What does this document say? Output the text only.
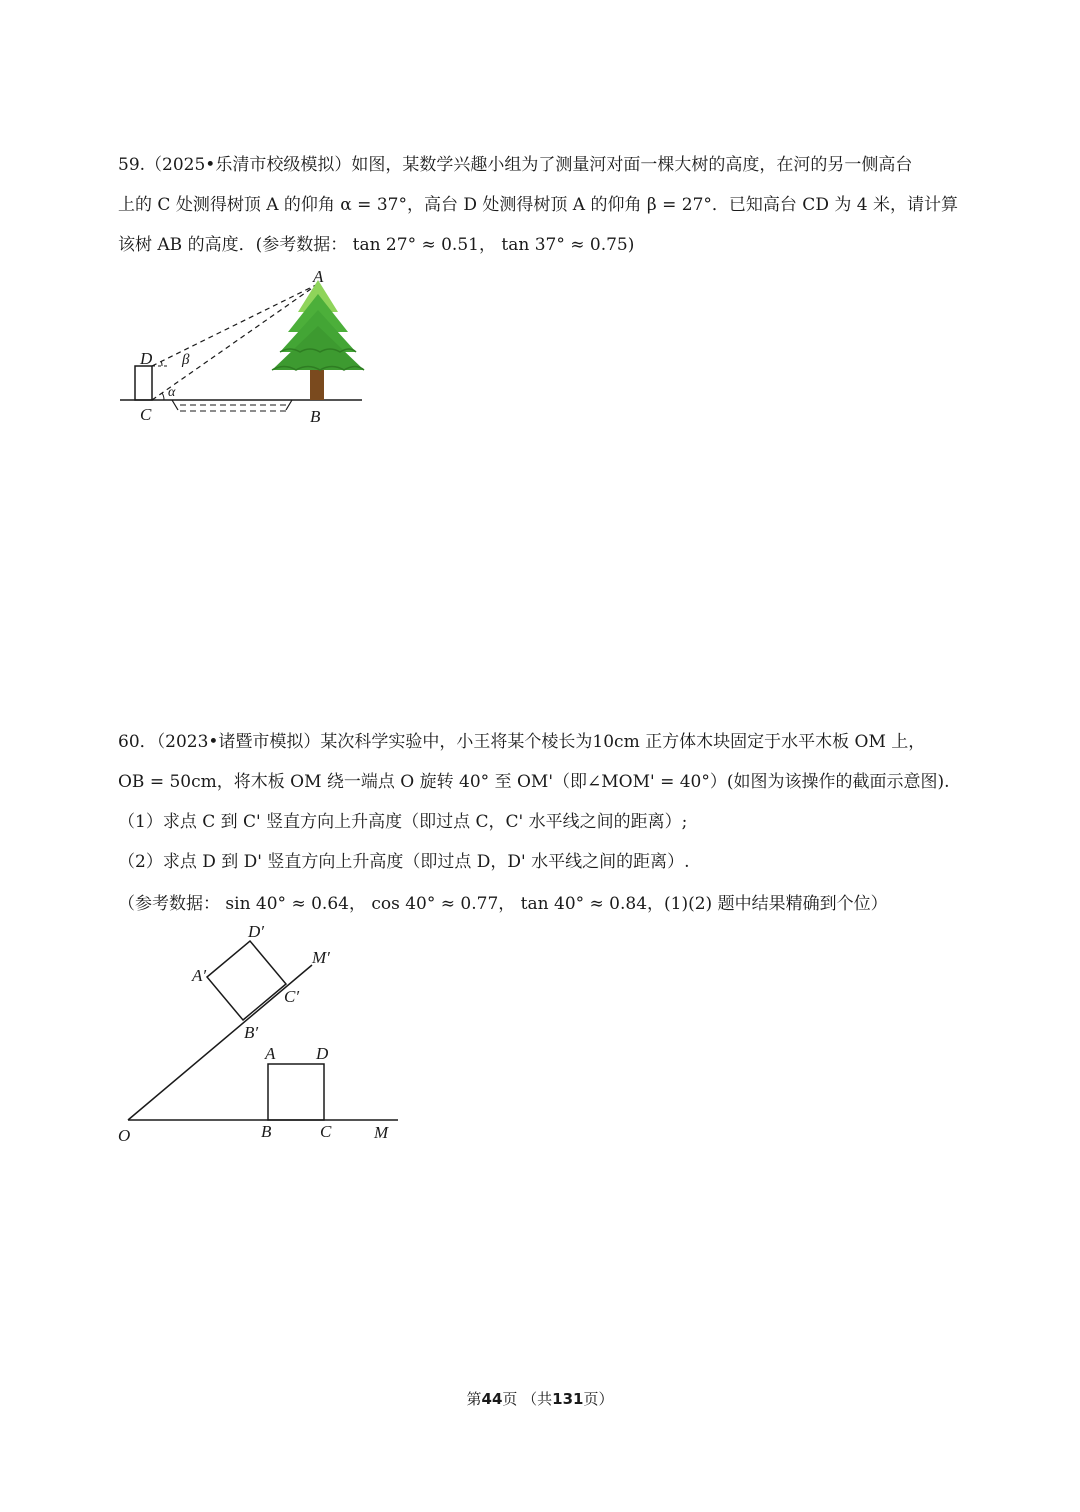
59.（2025•乐清市校级模拟）如图，某数学兴趣小组为了测量河对面一棵大树的高度，在河的另一侧高台
上的 C 处测得树顶 A 的仰角 α = 37°，高台 D 处测得树顶 A 的仰角 β = 27°．已知高台 CD 为 4 米，请计算
该树 AB 的高度．(参考数据： tan 27° ≈ 0.51， tan 37° ≈ 0.75)
A
D
C	B
β
α
60．（2023•诸暨市模拟）某次科学实验中，小王将某个棱长为10cm 正方体木块固定于水平木板 OM 上，
OB = 50cm，将木板 OM 绕一端点 O 旋转 40° 至 OM'（即∠MOM' = 40°）(如图为该操作的截面示意图).
（1）求点 C 到 C' 竖直方向上升高度（即过点 C，C' 水平线之间的距离）;
（2）求点 D 到 D' 竖直方向上升高度（即过点 D，D' 水平线之间的距离）.
（参考数据： sin 40° ≈ 0.64， cos 40° ≈ 0.77， tan 40° ≈ 0.84，(1)(2) 题中结果精确到个位）
O	B	C	M
A D
B′
C′
A′
D′
M′
第44页 （共131页）
